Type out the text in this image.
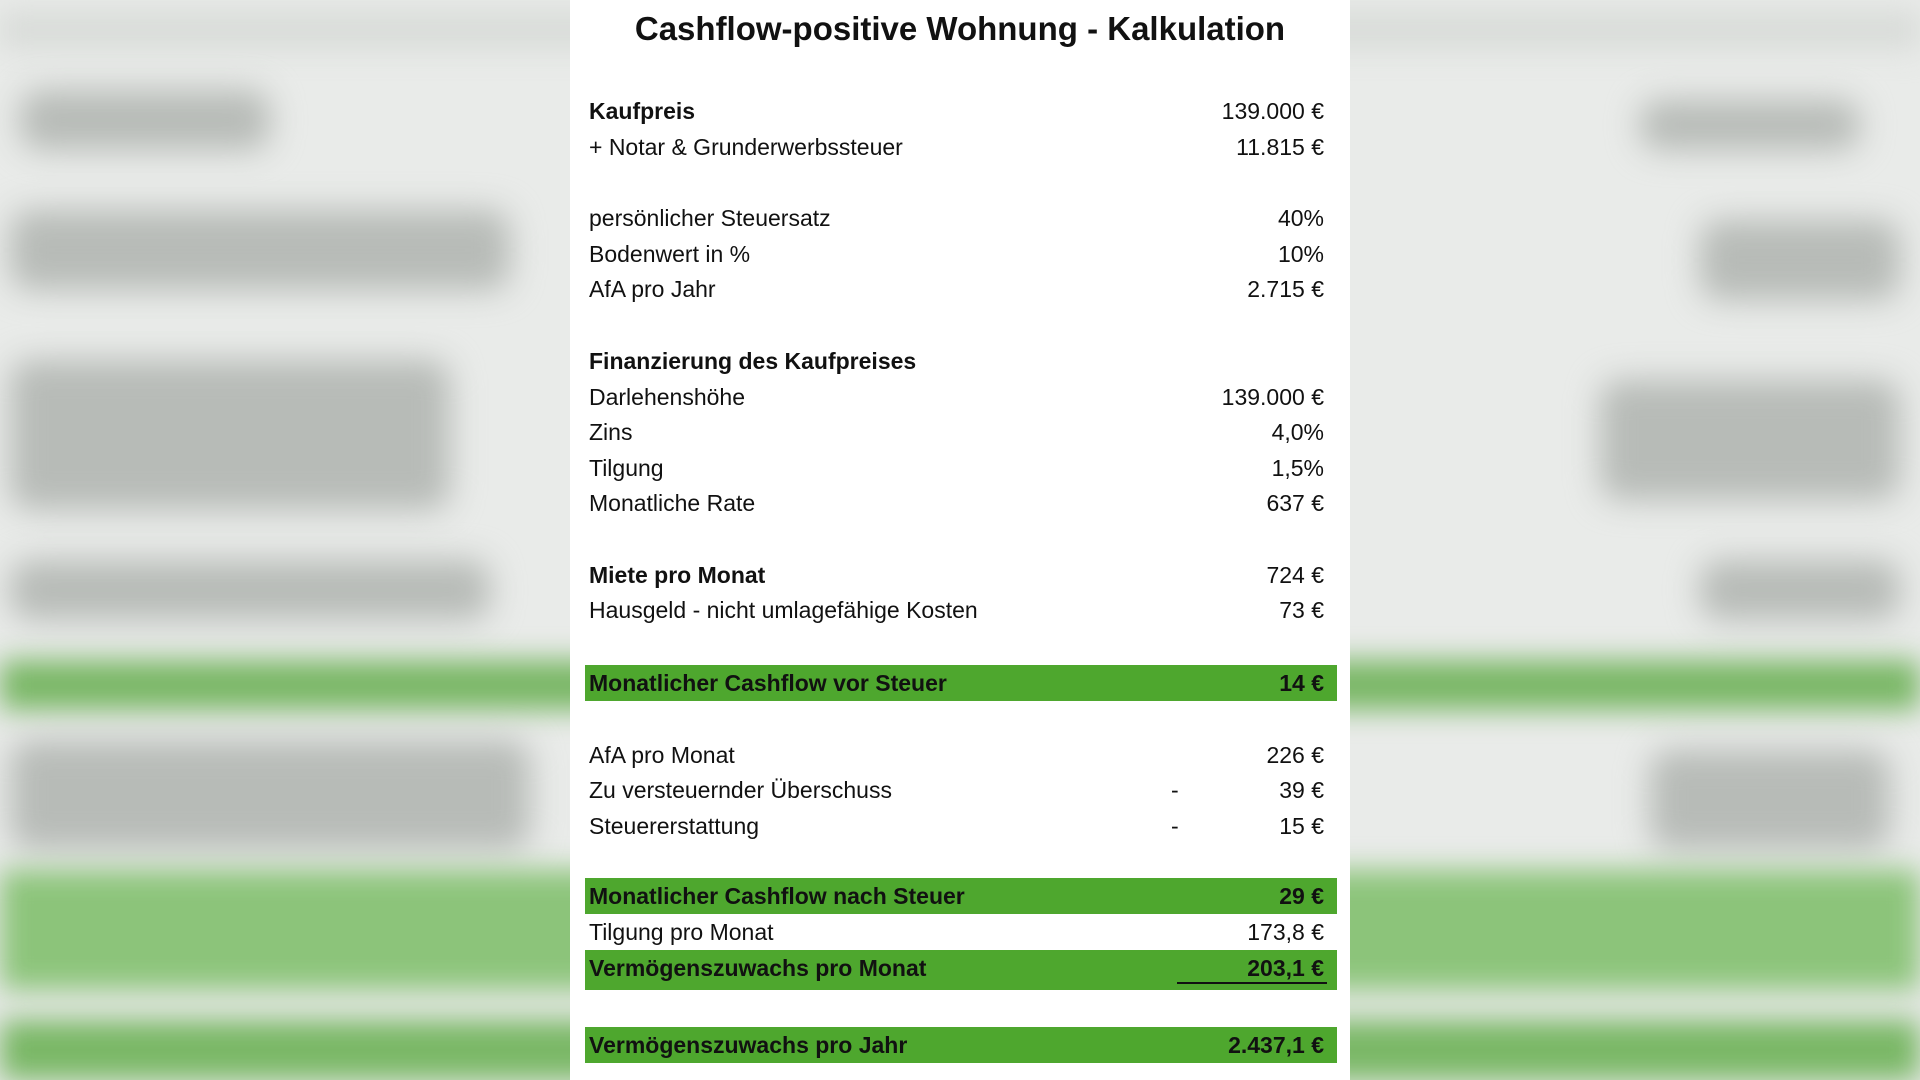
Cashflow-positive Wohnung - Kalkulation
Kaufpreis	139.000 €
+ Notar & Grunderwerbssteuer	11.815 €
persönlicher Steuersatz	40%
Bodenwert in %	10%
AfA pro Jahr	2.715 €
Finanzierung des Kaufpreises
Darlehenshöhe	139.000 €
Zins	4,0%
Tilgung	1,5%
Monatliche Rate	637 €
Miete pro Monat	724 €
Hausgeld - nicht umlagefähige Kosten	73 €
Monatlicher Cashflow vor Steuer	14 €
AfA pro Monat	226 €
Zu versteuernder Überschuss	-	39 €
Steuererstattung	-	15 €
Monatlicher Cashflow nach Steuer	29 €
Tilgung pro Monat	173,8 €
Vermögenszuwachs pro Monat	203,1 €
Vermögenszuwachs pro Jahr	2.437,1 €
